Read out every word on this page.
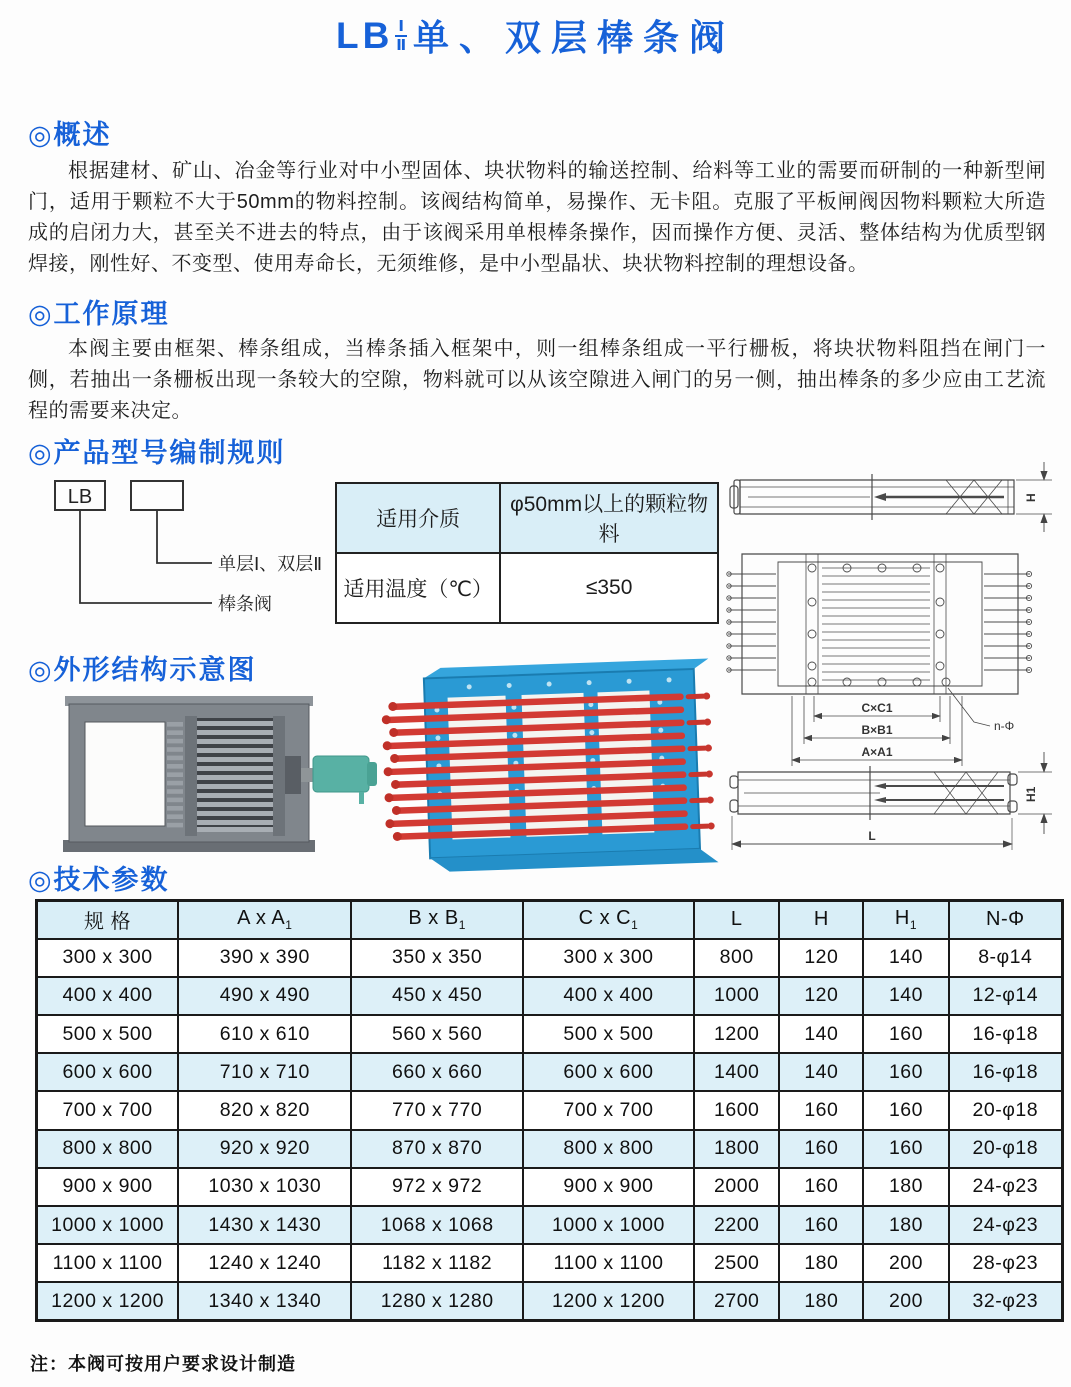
LB $\frac{\text{Ⅰ}}{\text{Ⅱ}}$ 单、双层棒条阀
◎概述
根据建材、矿山、冶金等行业对中小型固体、块状物料的输送控制、给料等工业的需要而研制的一种新型闸门，适用于颗粒不大于50mm的物料控制。该阀结构简单，易操作、无卡阻。克服了平板闸阀因物料颗粒大所造成的启闭力大，甚至关不进去的特点，由于该阀采用单根棒条操作，因而操作方便、灵活、整体结构为优质型钢焊接，刚性好、不变型、使用寿命长，无须维修，是中小型晶状、块状物料控制的理想设备。
◎工作原理
本阀主要由框架、棒条组成，当棒条插入框架中，则一组棒条组成一平行栅板，将块状物料阻挡在闸门一侧，若抽出一条栅板出现一条较大的空隙，物料就可以从该空隙进入闸门的另一侧，抽出棒条的多少应由工艺流程的需要来决定。
◎产品型号编制规则
LB
单层Ⅰ、双层Ⅱ
棒条阀
适用介质	φ50mm以上的颗粒物料
适用温度（℃）	≤350
H
C×C1
B×B1
A×A1
n-Φ
H1
L
◎外形结构示意图
◎技术参数
规 格	A x $A_1$	B x $B_1$	C x $C_1$	L	H	$H_1$	N-Φ
300 x 300	390 x 390	350 x 350	300 x 300	800	120	140	8-φ14
400 x 400	490 x 490	450 x 450	400 x 400	1000	120	140	12-φ14
500 x 500	610 x 610	560 x 560	500 x 500	1200	140	160	16-φ18
600 x 600	710 x 710	660 x 660	600 x 600	1400	140	160	16-φ18
700 x 700	820 x 820	770 x 770	700 x 700	1600	160	160	20-φ18
800 x 800	920 x 920	870 x 870	800 x 800	1800	160	160	20-φ18
900 x 900	1030 x 1030	972 x 972	900 x 900	2000	160	180	24-φ23
1000 x 1000	1430 x 1430	1068 x 1068	1000 x 1000	2200	160	180	24-φ23
1100 x 1100	1240 x 1240	1182 x 1182	1100 x 1100	2500	180	200	28-φ23
1200 x 1200	1340 x 1340	1280 x 1280	1200 x 1200	2700	180	200	32-φ23
注：本阀可按用户要求设计制造
